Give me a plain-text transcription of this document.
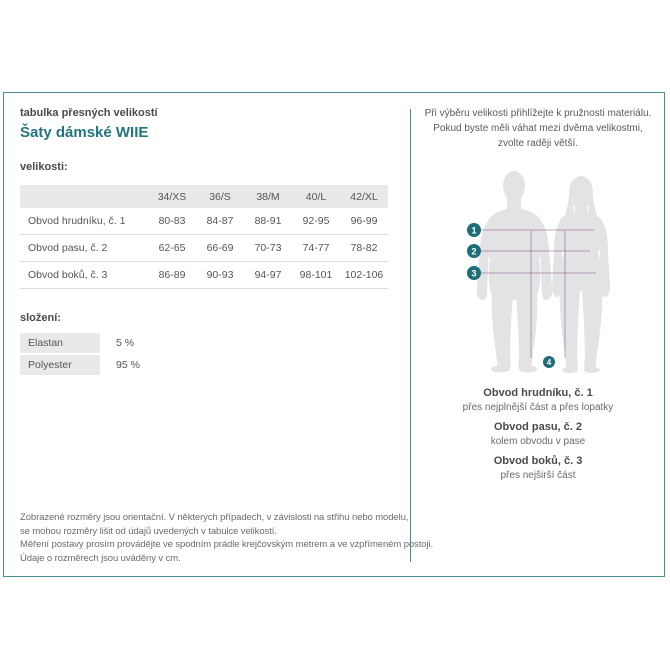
tabulka přesných velikostí
Šaty dámské WIIE
velikosti:
34/XS	36/S	38/M	40/L	42/XL
Obvod hrudníku, č. 1	80-83	84-87	88-91	92-95	96-99
Obvod pasu, č. 2	62-65	66-69	70-73	74-77	78-82
Obvod boků, č. 3	86-89	90-93	94-97	98-101	102-106
složení:
Elastan	5 %
Polyester	95 %
Zobrazené rozměry jsou orientační. V některých případech, v závislosti na střihu nebo modelu,
se mohou rozměry lišit od údajů uvedených v tabulce velikostí.
Měření postavy prosím provádějte ve spodním prádle krejčovským metrem a ve vzpřímeném postoji.
Údaje o rozměrech jsou uváděny v cm.
Při výběru velikosti přihlížejte k pružnosti materiálu.
Pokud byste měli váhat mezi dvěma velikostmi,
zvolte raději větší.
1
2
3
4
Obvod hrudníku, č. 1
přes nejplnější část a přes lopatky
Obvod pasu, č. 2
kolem obvodu v pase
Obvod boků, č. 3
přes nejširší část
